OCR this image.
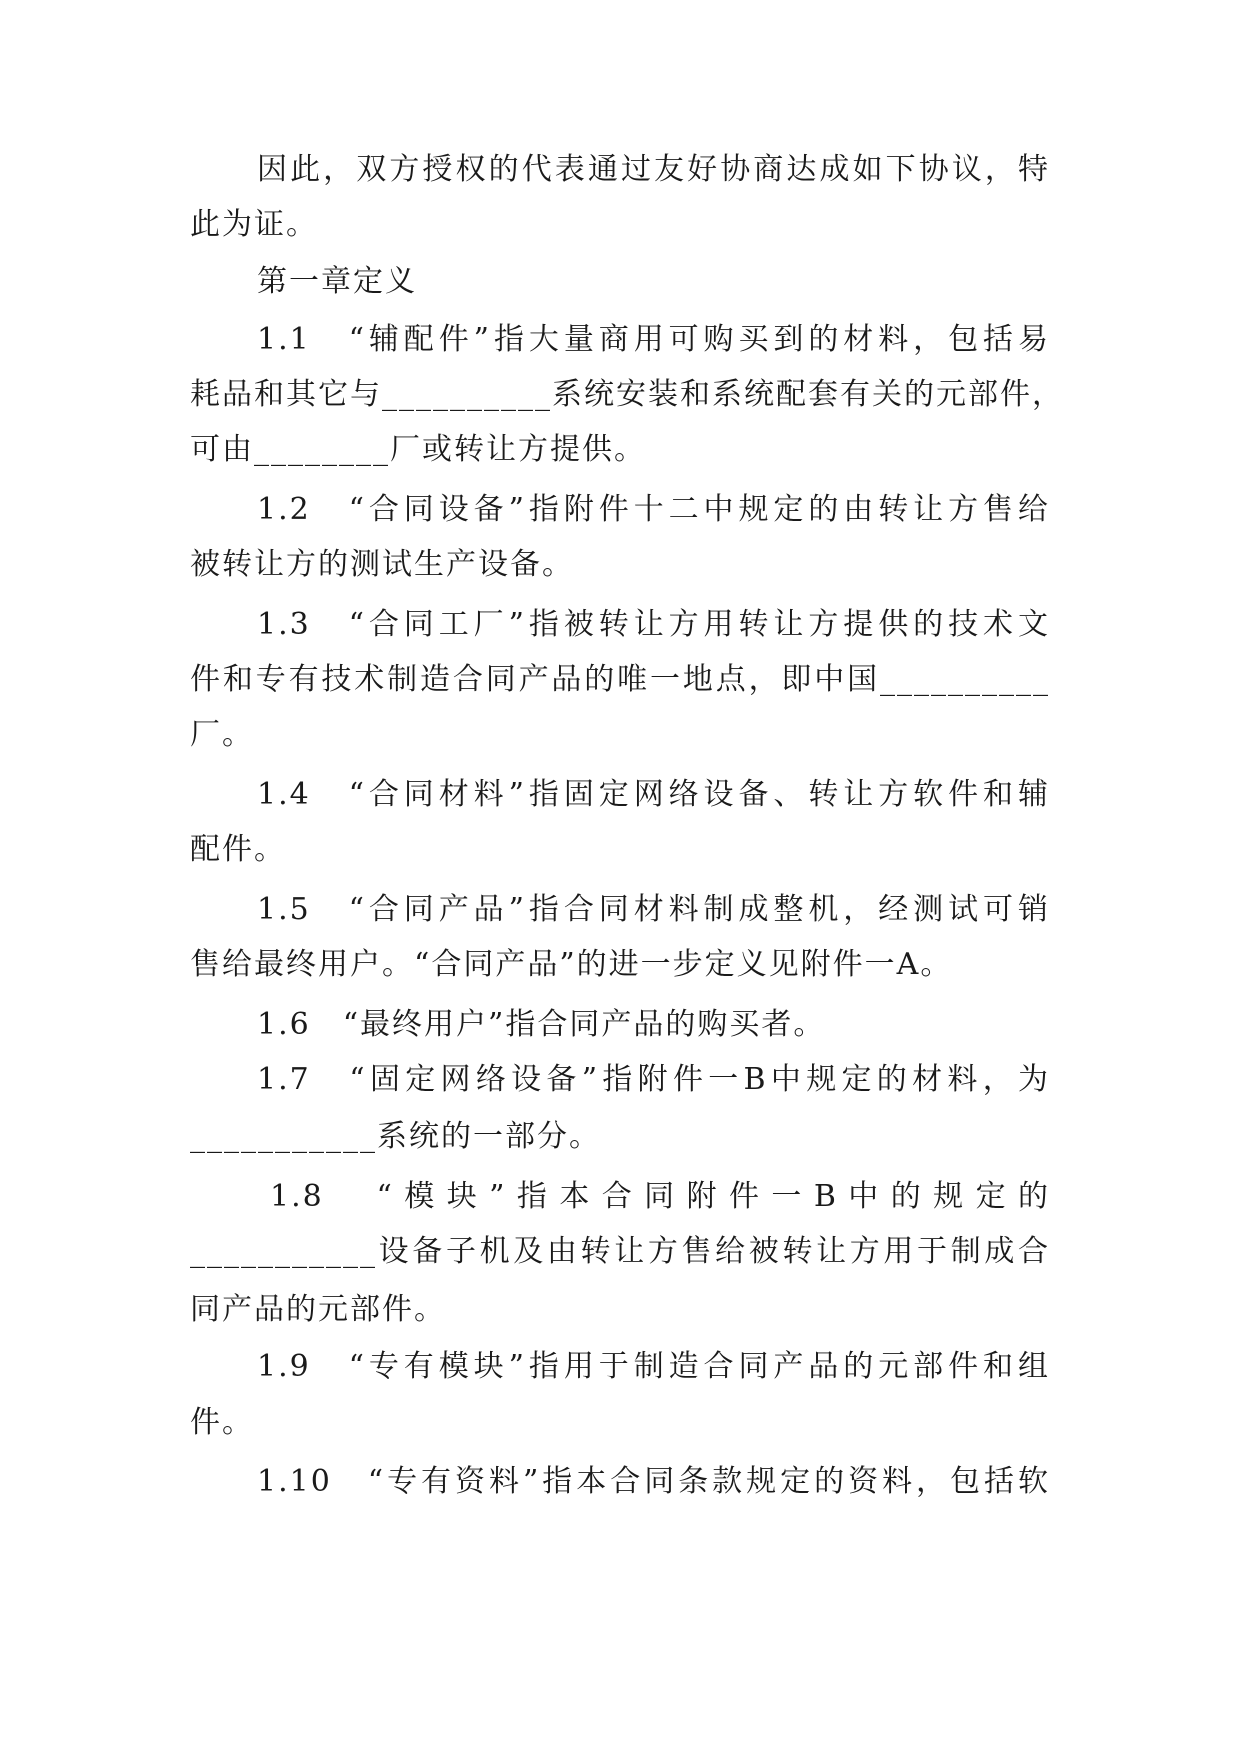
因此，双方授权的代表通过友好协商达成如下协议，特
此为证。
第一章定义
1.1　“辅配件”指大量商用可购买到的材料，包括易
耗品和其它与__________系统安装和系统配套有关的元部件，
可由________厂或转让方提供。
1.2　“合同设备”指附件十二中规定的由转让方售给
被转让方的测试生产设备。
1.3　“合同工厂”指被转让方用转让方提供的技术文
件和专有技术制造合同产品的唯一地点，即中国__________
厂。
1.4　“合同材料”指固定网络设备、转让方软件和辅
配件。
1.5　“合同产品”指合同材料制成整机，经测试可销
售给最终用户。“合同产品”的进一步定义见附件一A。
1.6　“最终用户”指合同产品的购买者。
1.7　“固定网络设备”指附件一B中规定的材料，为
___________系统的一部分。
1.8　“模块”指本合同附件一B中的规定的
___________设备子机及由转让方售给被转让方用于制成合
同产品的元部件。
1.9　“专有模块”指用于制造合同产品的元部件和组
件。
1.10　“专有资料”指本合同条款规定的资料，包括软
